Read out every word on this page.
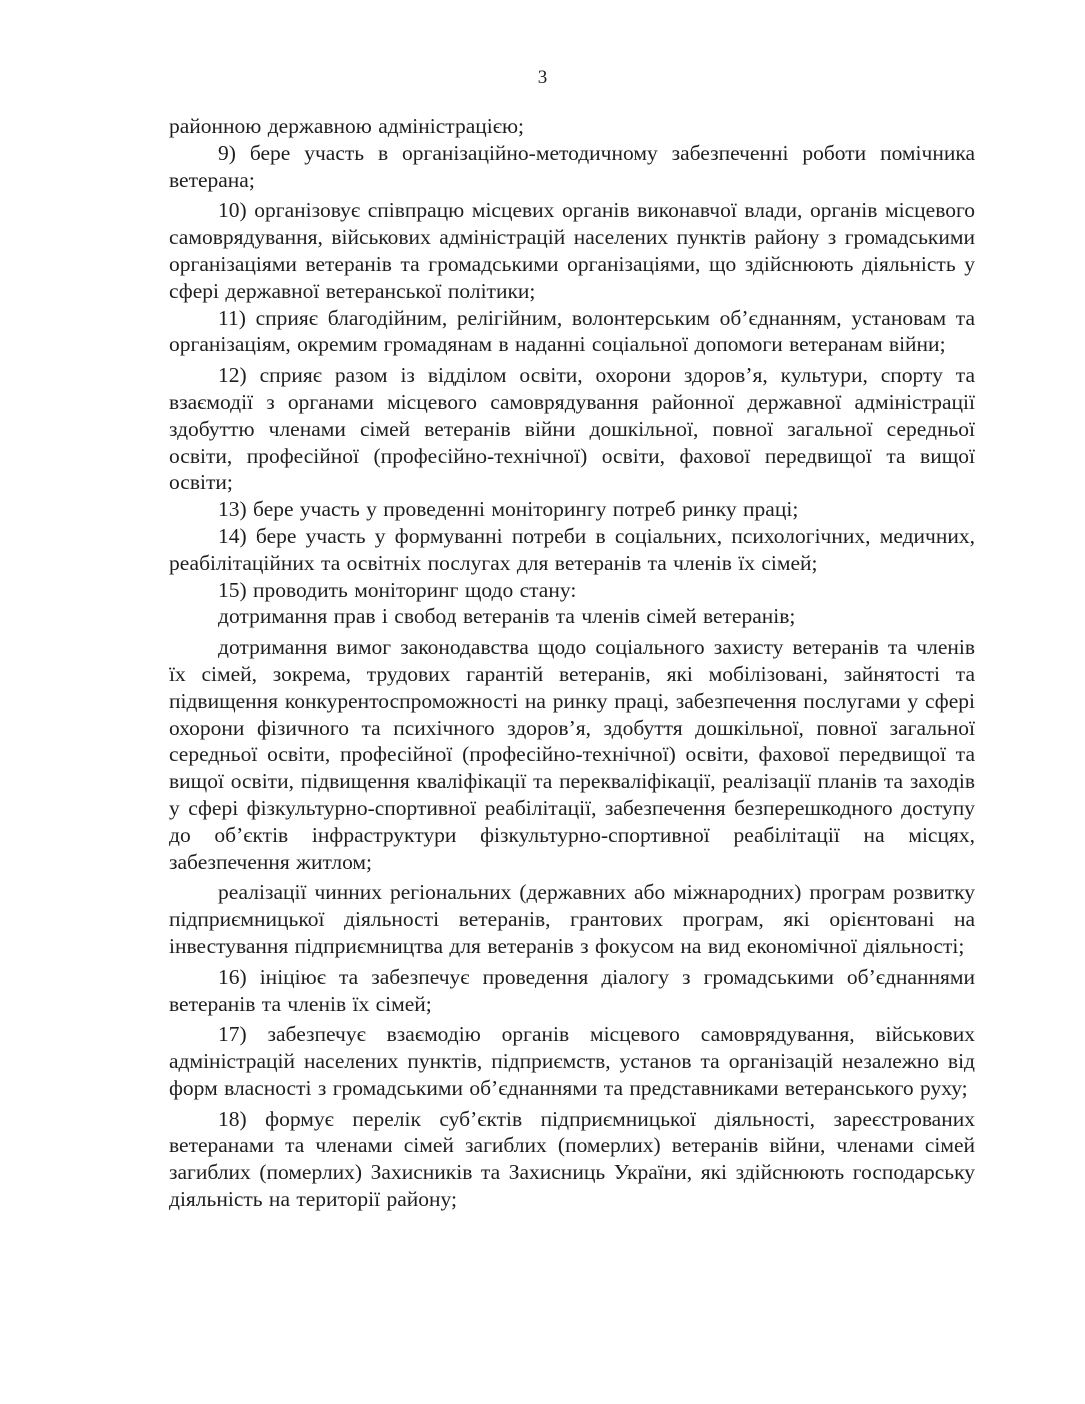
3

районною державною адміністрацією;

9) бере участь в організаційно-методичному забезпеченні роботи помічника ветерана;

10) організовує співпрацю місцевих органів виконавчої влади, органів місцевого самоврядування, військових адміністрацій населених пунктів району з громадськими організаціями ветеранів та громадськими організаціями, що здійснюють діяльність у сфері державної ветеранської політики;

11) сприяє благодійним, релігійним, волонтерським об’єднанням, установам та організаціям, окремим громадянам в наданні соціальної допомоги ветеранам війни;

12) сприяє разом із відділом освіти, охорони здоров’я, культури, спорту та взаємодії з органами місцевого самоврядування районної державної адміністрації здобуттю членами сімей ветеранів війни дошкільної, повної загальної середньої освіти, професійної (професійно-технічної) освіти, фахової передвищої та вищої освіти;

13) бере участь у проведенні моніторингу потреб ринку праці;

14) бере участь у формуванні потреби в соціальних, психологічних, медичних, реабілітаційних та освітніх послугах для ветеранів та членів їх сімей;

15) проводить моніторинг щодо стану:

дотримання прав і свобод ветеранів та членів сімей ветеранів;

дотримання вимог законодавства щодо соціального захисту ветеранів та членів їх сімей, зокрема, трудових гарантій ветеранів, які мобілізовані, зайнятості та підвищення конкурентоспроможності на ринку праці, забезпечення послугами у сфері охорони фізичного та психічного здоров’я, здобуття дошкільної, повної загальної середньої освіти, професійної (професійно-технічної) освіти, фахової передвищої та вищої освіти, підвищення кваліфікації та перекваліфікації, реалізації планів та заходів у сфері фізкультурно-спортивної реабілітації, забезпечення безперешкодного доступу до об’єктів інфраструктури фізкультурно-спортивної реабілітації на місцях, забезпечення житлом;

реалізації чинних регіональних (державних або міжнародних) програм розвитку підприємницької діяльності ветеранів, грантових програм, які орієнтовані на інвестування підприємництва для ветеранів з фокусом на вид економічної діяльності;

16) ініціює та забезпечує проведення діалогу з громадськими об’єднаннями ветеранів та членів їх сімей;

17) забезпечує взаємодію органів місцевого самоврядування, військових адміністрацій населених пунктів, підприємств, установ та організацій незалежно від форм власності з громадськими об’єднаннями та представниками ветеранського руху;

18) формує перелік суб’єктів підприємницької діяльності, зареєстрованих ветеранами та членами сімей загиблих (померлих) ветеранів війни, членами сімей загиблих (померлих) Захисників та Захисниць України, які здійснюють господарську діяльність на території району;
